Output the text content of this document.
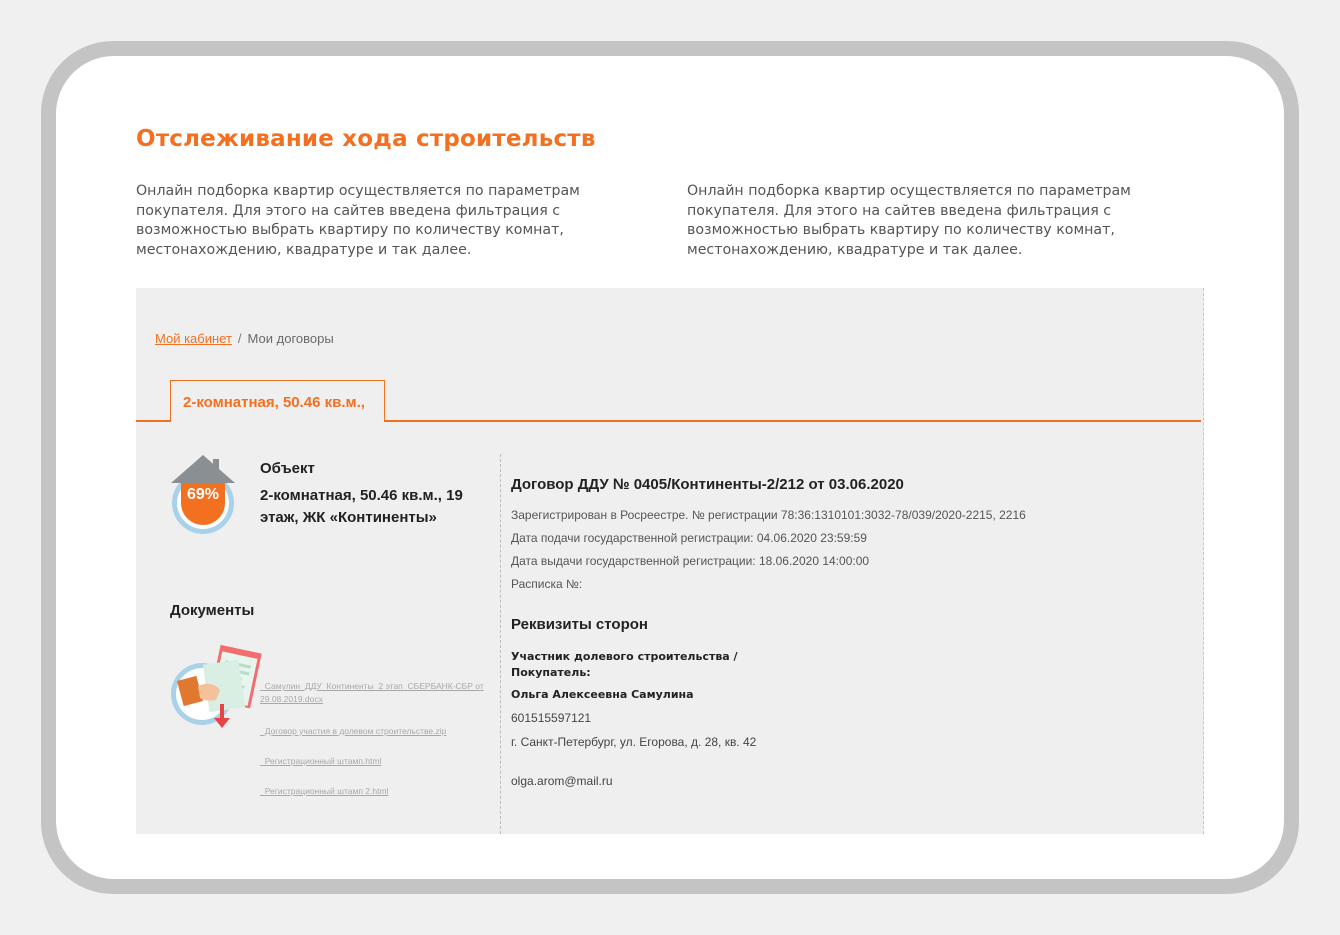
Отслеживание хода строительств
Онлайн подборка квартир осуществляется по параметрам покупателя. Для этого на сайтев введена фильтрация с возможностью выбрать квартиру по количеству комнат, местонахождению, квадратуре и так далее.
Онлайн подборка квартир осуществляется по параметрам покупателя. Для этого на сайтев введена фильтрация с возможностью выбрать квартиру по количеству комнат, местонахождению, квадратуре и так далее.
Мой кабинет / Мои договоры
2-комнатная, 50.46 кв.м.,
69%
Объект
2-комнатная, 50.46 кв.м., 19 этаж, ЖК «Континенты»
Документы
_Самулин_ДДУ_Континенты_2 этап_СБЕРБАНК-СБР от 29.08.2019.docx
_Договор участия в долевом строительстве.zip
_Регистрационный штамп.html
_Регистрационный штамп 2.html
Договор ДДУ № 0405/Континенты-2/212 от 03.06.2020
Зарегистрирован в Росреестре. № регистрации 78:36:1310101:3032-78/039/2020-2215, 2216
Дата подачи государственной регистрации: 04.06.2020 23:59:59
Дата выдачи государственной регистрации: 18.06.2020 14:00:00
Расписка №:
Реквизиты сторон
Участник долевого строительства / Покупатель:
Ольга Алексеевна Самулина
601515597121
г. Санкт-Петербург, ул. Егорова, д. 28, кв. 42
olga.arom@mail.ru
